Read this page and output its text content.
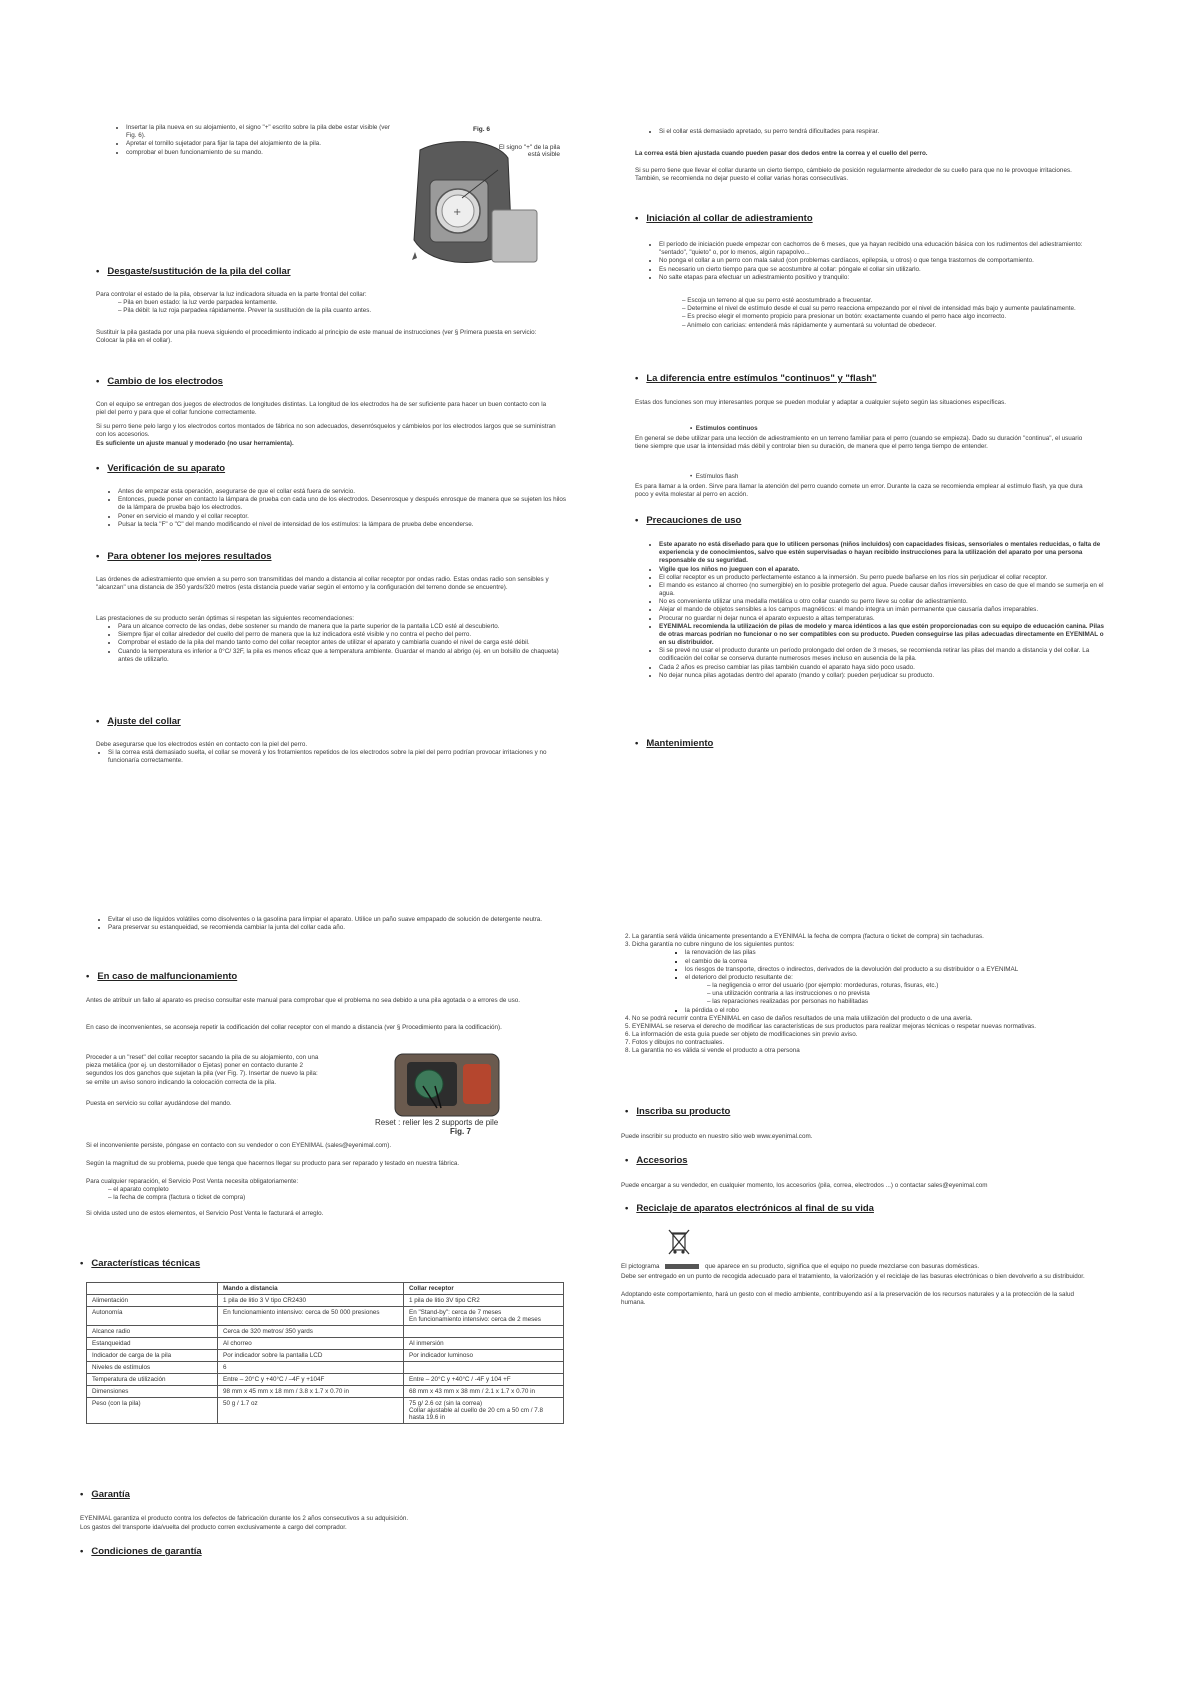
• Insertar la pila nueva en su alojamiento, el signo "+" escrito sobre la pila debe estar visible (ver Fig. 6).
• Apretar el tornillo sujetador para fijar la tapa del alojamiento de la pila.
• comprobar el buen funcionamiento de su mando.
Fig. 6
El signo "+" de la pila está visible
+
• Desgaste/sustitución de la pila del collar

Para controlar el estado de la pila, observar la luz indicadora situada en la parte frontal del collar:

– Pila en buen estado: la luz verde parpadea lentamente.
– Pila débil: la luz roja parpadea rápidamente. Prever la sustitución de la pila cuanto antes.

Sustituir la pila gastada por una pila nueva siguiendo el procedimiento indicado al principio de este manual de instrucciones (ver § Primera puesta en servicio: Colocar la pila en el collar).

• Cambio de los electrodos

Con el equipo se entregan dos juegos de electrodos de longitudes distintas. La longitud de los electrodos ha de ser suficiente para hacer un buen contacto con la piel del perro y para que el collar funcione correctamente.

Si su perro tiene pelo largo y los electrodos cortos montados de fábrica no son adecuados, desenrósquelos y cámbielos por los electrodos largos que se suministran con los accesorios.

Es suficiente un ajuste manual y moderado (no usar herramienta).

• Verificación de su aparato
• Antes de empezar esta operación, asegurarse de que el collar está fuera de servicio.
• Entonces, puede poner en contacto la lámpara de prueba con cada uno de los electrodos. Desenrosque y después enrosque de manera que se sujeten los hilos de la lámpara de prueba bajo los electrodos.
• Poner en servicio el mando y el collar receptor.
• Pulsar la tecla "F" o "C" del mando modificando el nivel de intensidad de los estímulos: la lámpara de prueba debe encenderse.
• Para obtener los mejores resultados

Las órdenes de adiestramiento que envíen a su perro son transmitidas del mando a distancia al collar receptor por ondas radio. Estas ondas radio son sensibles y "alcanzan" una distancia de 350 yards/320 metros (esta distancia puede variar según el entorno y la configuración del terreno donde se encuentre).

Las prestaciones de su producto serán óptimas si respetan las siguientes recomendaciones:

• Para un alcance correcto de las ondas, debe sostener su mando de manera que la parte superior de la pantalla LCD esté al descubierto.
• Siempre fijar el collar alrededor del cuello del perro de manera que la luz indicadora esté visible y no contra el pecho del perro.
• Comprobar el estado de la pila del mando tanto como del collar receptor antes de utilizar el aparato y cambiarla cuando el nivel de carga esté débil.
• Cuando la temperatura es inferior a 0°C/ 32F, la pila es menos eficaz que a temperatura ambiente. Guardar el mando al abrigo (ej. en un bolsillo de chaqueta) antes de utilizarlo.
• Ajuste del collar

Debe asegurarse que los electrodos estén en contacto con la piel del perro.

• Si la correa está demasiado suelta, el collar se moverá y los frotamientos repetidos de los electrodos sobre la piel del perro podrían provocar irritaciones y no funcionaría correctamente.
• Si el collar está demasiado apretado, su perro tendrá dificultades para respirar.

La correa está bien ajustada cuando pueden pasar dos dedos entre la correa y el cuello del perro.

Si su perro tiene que llevar el collar durante un cierto tiempo, cámbielo de posición regularmente alrededor de su cuello para que no le provoque irritaciones. También, se recomienda no dejar puesto el collar varias horas consecutivas.

• Iniciación al collar de adiestramiento
• El período de iniciación puede empezar con cachorros de 6 meses, que ya hayan recibido una educación básica con los rudimentos del adiestramiento: "sentado", "quieto" o, por lo menos, algún rapapolvo...
• No ponga el collar a un perro con mala salud (con problemas cardíacos, epilepsia, u otros) o que tenga trastornos de comportamiento.
• Es necesario un cierto tiempo para que se acostumbre al collar: póngale el collar sin utilizarlo.
• No salte etapas para efectuar un adiestramiento positivo y tranquilo:
– Escoja un terreno al que su perro esté acostumbrado a frecuentar.
– Determine el nivel de estímulo desde el cual su perro reacciona empezando por el nivel de intensidad más bajo y aumente paulatinamente.
– Es preciso elegir el momento propicio para presionar un botón: exactamente cuando el perro hace algo incorrecto.
– Anímelo con caricias: entenderá más rápidamente y aumentará su voluntad de obedecer.
• La diferencia entre estímulos "continuos" y "flash"

Estas dos funciones son muy interesantes porque se pueden modular y adaptar a cualquier sujeto según las situaciones específicas.

•  Estímulos continuos

En general se debe utilizar para una lección de adiestramiento en un terreno familiar para el perro (cuando se empieza). Dado su duración "continua", el usuario tiene siempre que usar la intensidad más débil y controlar bien su duración, de manera que el perro tenga tiempo de entender.

•  Estímulos flash

Es para llamar a la orden. Sirve para llamar la atención del perro cuando comete un error. Durante la caza se recomienda emplear al estímulo flash, ya que dura poco y evita molestar al perro en acción.

• Precauciones de uso
• Este aparato no está diseñado para que lo utilicen personas (niños incluidos) con capacidades físicas, sensoriales o mentales reducidas, o falta de experiencia y de conocimientos, salvo que estén supervisadas o hayan recibido instrucciones para la utilización del aparato por una persona responsable de su seguridad.
• Vigile que los niños no jueguen con el aparato.
• El collar receptor es un producto perfectamente estanco a la inmersión. Su perro puede bañarse en los ríos sin perjudicar el collar receptor.
• El mando es estanco al chorreo (no sumergible) en lo posible protegerlo del agua. Puede causar daños irreversibles en caso de que el mando se sumerja en el agua.
• No es conveniente utilizar una medalla metálica u otro collar cuando su perro lleve su collar de adiestramiento.
• Alejar el mando de objetos sensibles a los campos magnéticos: el mando integra un imán permanente que causaría daños irreparables.
• Procurar no guardar ni dejar nunca el aparato expuesto a altas temperaturas.
• EYENIMAL recomienda la utilización de pilas de modelo y marca idénticos a las que estén proporcionadas con su equipo de educación canina. Pilas de otras marcas podrían no funcionar o no ser compatibles con su producto. Pueden conseguirse las pilas adecuadas directamente en EYENIMAL o en su distribuidor.
• Si se prevé no usar el producto durante un período prolongado del orden de 3 meses, se recomienda retirar las pilas del mando a distancia y del collar. La codificación del collar se conserva durante numerosos meses incluso en ausencia de la pila.
• Cada 2 años es preciso cambiar las pilas también cuando el aparato haya sido poco usado.
• No dejar nunca pilas agotadas dentro del aparato (mando y collar): pueden perjudicar su producto.
• Mantenimiento
• Evitar el uso de líquidos volátiles como disolventes o la gasolina para limpiar el aparato. Utilice un paño suave empapado de solución de detergente neutra.
• Para preservar su estanqueidad, se recomienda cambiar la junta del collar cada año.
• En caso de malfuncionamiento

Antes de atribuir un fallo al aparato es preciso consultar este manual para comprobar que el problema no sea debido a una pila agotada o a errores de uso.

En caso de inconvenientes, se aconseja repetir la codificación del collar receptor con el mando a distancia (ver § Procedimiento para la codificación).

Proceder a un "reset" del collar receptor sacando la pila de su alojamiento, con una pieza metálica (por ej. un destornillador o Ejetas) poner en contacto durante 2 segundos los dos ganchos que sujetan la pila (ver Fig. 7). Insertar de nuevo la pila: se emite un aviso sonoro indicando la colocación correcta de la pila.

Puesta en servicio su collar ayudándose del mando.

Reset : relier les 2 supports de pile
Fig. 7

Si el inconveniente persiste, póngase en contacto con su vendedor o con EYENIMAL (sales@eyenimal.com).

Según la magnitud de su problema, puede que tenga que hacernos llegar su producto para ser reparado y testado en nuestra fábrica.

Para cualquier reparación, el Servicio Post Venta necesita obligatoriamente:

– el aparato completo
– la fecha de compra (factura o ticket de compra)

Si olvida usted uno de estos elementos, el Servicio Post Venta le facturará el arreglo.

• Características técnicas
	Mando a distancia	Collar receptor
Alimentación	1 pila de litio 3 V tipo CR2430	1 pila de litio 3V tipo CR2
Autonomía	En funcionamiento intensivo: cerca de 50 000 presiones	En "Stand-by": cerca de 7 meses
En funcionamiento intensivo: cerca de 2 meses
Alcance radio	Cerca de 320 metros/ 350 yards	
Estanqueidad	Al chorreo	Al inmersión
Indicador de carga de la pila	Por indicador sobre la pantalla LCD	Por indicador luminoso
Niveles de estímulos	6	
Temperatura de utilización	Entre – 20°C y +40°C / –4F y +104F	Entre – 20°C y +40°C / -4F y 104 +F
Dimensiones	98 mm x 45 mm x 18 mm / 3.8 x 1.7 x 0.70 in	68 mm x 43 mm x 38 mm / 2.1 x 1.7 x 0.70 in
Peso (con la pila)	50 g / 1.7 oz	75 g/ 2.6 oz (sin la correa)
Collar ajustable al cuello de 20 cm a 50 cm / 7.8 hasta 19.6 in
• Garantía

EYENIMAL garantiza el producto contra los defectos de fabricación durante los 2 años consecutivos a su adquisición.

Los gastos del transporte ida/vuelta del producto corren exclusivamente a cargo del comprador.

• Condiciones de garantía
2. La garantía será válida únicamente presentando a EYENIMAL la fecha de compra (factura o ticket de compra) sin tachaduras.
3. Dicha garantía no cubre ninguno de los siguientes puntos:
▪ la renovación de las pilas
▪ el cambio de la correa
▪ los riesgos de transporte, directos o indirectos, derivados de la devolución del producto a su distribuidor o a EYENIMAL
▪ el deterioro del producto resultante de:
– la negligencia o error del usuario (por ejemplo: mordeduras, roturas, fisuras, etc.)
– una utilización contraria a las instrucciones o no prevista
– las reparaciones realizadas por personas no habilitadas
▪ la pérdida o el robo
4. No se podrá recurrir contra EYENIMAL en caso de daños resultados de una mala utilización del producto o de una avería.
5. EYENIMAL se reserva el derecho de modificar las características de sus productos para realizar mejoras técnicas o respetar nuevas normativas.
6. La información de esta guía puede ser objeto de modificaciones sin previo aviso.
7. Fotos y dibujos no contractuales.
8. La garantía no es válida si vende el producto a otra persona
• Inscriba su producto

Puede inscribir su producto en nuestro sitio web www.eyenimal.com.

• Accesorios

Puede encargar a su vendedor, en cualquier momento, los accesorios (pila, correa, electrodos ...) o contactar sales@eyenimal.com

• Reciclaje de aparatos electrónicos al final de su vida

El pictograma	que aparece en su producto, significa que el equipo no puede mezclarse con basuras domésticas.

Debe ser entregado en un punto de recogida adecuado para el tratamiento, la valorización y el reciclaje de las basuras electrónicas o bien devolverlo a su distribuidor.

Adoptando este comportamiento, hará un gesto con el medio ambiente, contribuyendo así a la preservación de los recursos naturales y a la protección de la salud humana.
